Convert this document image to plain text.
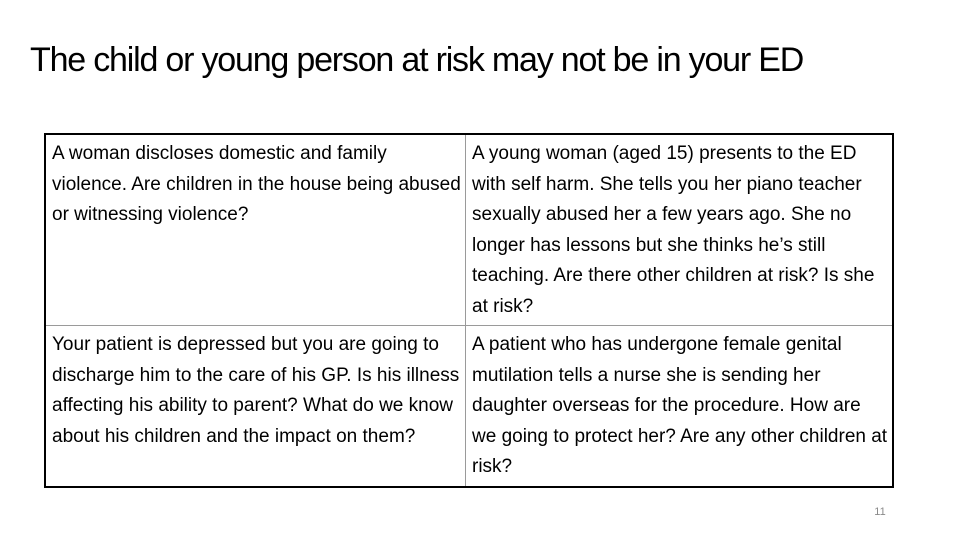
The child or young person at risk may not be in your ED
A woman discloses domestic and family violence. Are children in the house being abused or witnessing violence?	A young woman (aged 15) presents to the ED with self harm. She tells you her piano teacher sexually abused her a few years ago. She no longer has lessons but she thinks he’s still teaching. Are there other children at risk? Is she at risk?
Your patient is depressed but you are going to discharge him to the care of his GP. Is his illness affecting his ability to parent? What do we know about his children and the impact on them?	A patient who has undergone female genital mutilation tells a nurse she is sending her daughter overseas for the procedure. How are we going to protect her? Are any other children at risk?
11
